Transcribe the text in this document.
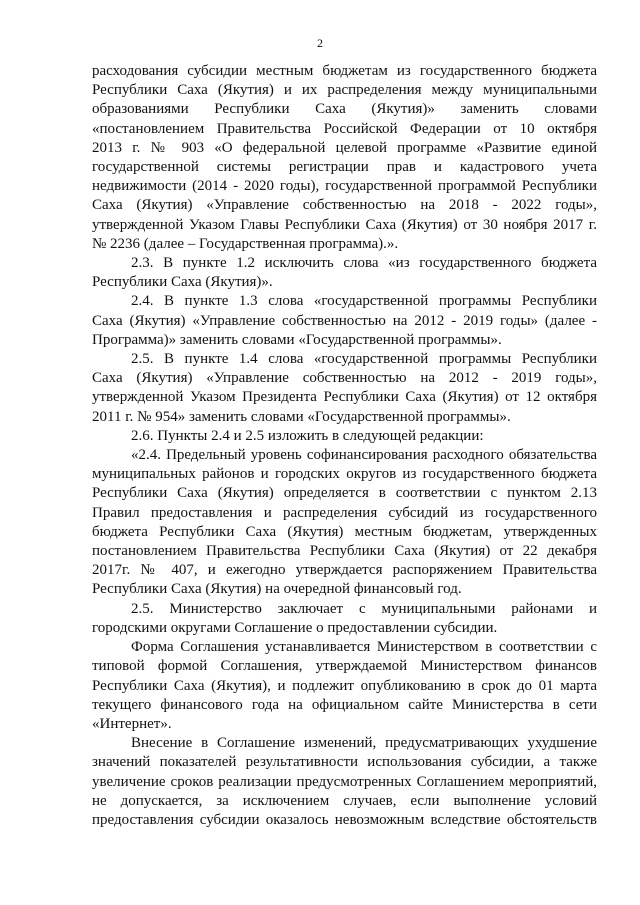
2
расходования субсидии местным бюджетам из государственного бюджета
Республики Саха (Якутия) и их распределения между муниципальными
образованиями Республики Саха (Якутия)» заменить словами
«постановлением Правительства Российской Федерации от 10 октября
2013 г. № 903 «О федеральной целевой программе «Развитие единой
государственной системы регистрации прав и кадастрового учета
недвижимости (2014 - 2020 годы), государственной программой Республики
Саха (Якутия) «Управление собственностью на 2018 - 2022 годы»,
утвержденной Указом Главы Республики Саха (Якутия) от 30 ноября 2017 г.
№ 2236 (далее – Государственная программа).».
2.3. В пункте 1.2 исключить слова «из государственного бюджета
Республики Саха (Якутия)».
2.4. В пункте 1.3 слова «государственной программы Республики
Саха (Якутия) «Управление собственностью на 2012 - 2019 годы» (далее -
Программа)» заменить словами «Государственной программы».
2.5. В пункте 1.4 слова «государственной программы Республики
Саха (Якутия) «Управление собственностью на 2012 - 2019 годы»,
утвержденной Указом Президента Республики Саха (Якутия) от 12 октября
2011 г. № 954» заменить словами «Государственной программы».
2.6. Пункты 2.4 и 2.5 изложить в следующей редакции:
«2.4. Предельный уровень софинансирования расходного обязательства
муниципальных районов и городских округов из государственного бюджета
Республики Саха (Якутия) определяется в соответствии с пунктом 2.13
Правил предоставления и распределения субсидий из государственного
бюджета Республики Саха (Якутия) местным бюджетам, утвержденных
постановлением Правительства Республики Саха (Якутия) от 22 декабря
2017г. № 407, и ежегодно утверждается распоряжением Правительства
Республики Саха (Якутия) на очередной финансовый год.
2.5. Министерство заключает с муниципальными районами и
городскими округами Соглашение о предоставлении субсидии.
Форма Соглашения устанавливается Министерством в соответствии с
типовой формой Соглашения, утверждаемой Министерством финансов
Республики Саха (Якутия), и подлежит опубликованию в срок до 01 марта
текущего финансового года на официальном сайте Министерства в сети
«Интернет».
Внесение в Соглашение изменений, предусматривающих ухудшение
значений показателей результативности использования субсидии, а также
увеличение сроков реализации предусмотренных Соглашением мероприятий,
не допускается, за исключением случаев, если выполнение условий
предоставления субсидии оказалось невозможным вследствие обстоятельств
